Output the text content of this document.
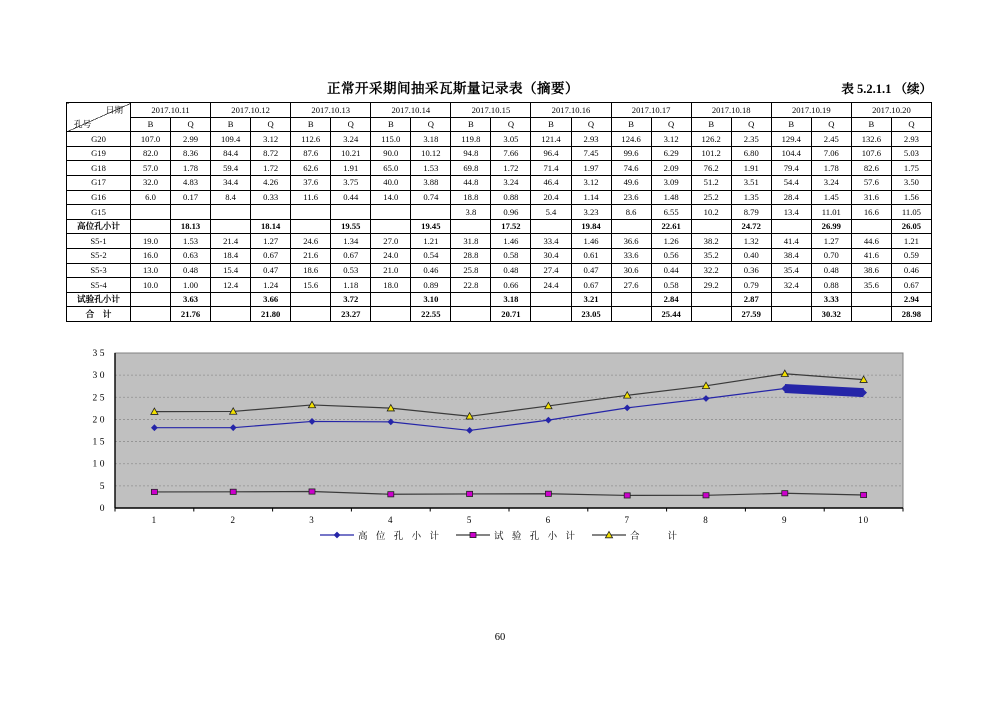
正常开采期间抽采瓦斯量记录表（摘要）	表 5.2.1.1 （续）
日期
孔号	2017.10.11		2017.10.12		2017.10.13		2017.10.14		2017.10.15		2017.10.16		2017.10.17		2017.10.18		2017.10.19		2017.10.20	
	B	Q	B	Q	B	Q	B	Q	B	Q	B	Q	B	Q	B	Q	B	Q	B	Q
G20	107.0	2.99	109.4	3.12	112.6	3.24	115.0	3.18	119.8	3.05	121.4	2.93	124.6	3.12	126.2	2.35	129.4	2.45	132.6	2.93
G19	82.0	8.36	84.4	8.72	87.6	10.21	90.0	10.12	94.8	7.66	96.4	7.45	99.6	6.29	101.2	6.80	104.4	7.06	107.6	5.03
G18	57.0	1.78	59.4	1.72	62.6	1.91	65.0	1.53	69.8	1.72	71.4	1.97	74.6	2.09	76.2	1.91	79.4	1.78	82.6	1.75
G17	32.0	4.83	34.4	4.26	37.6	3.75	40.0	3.88	44.8	3.24	46.4	3.12	49.6	3.09	51.2	3.51	54.4	3.24	57.6	3.50
G16	6.0	0.17	8.4	0.33	11.6	0.44	14.0	0.74	18.8	0.88	20.4	1.14	23.6	1.48	25.2	1.35	28.4	1.45	31.6	1.56
G15									3.8	0.96	5.4	3.23	8.6	6.55	10.2	8.79	13.4	11.01	16.6	11.05
高位孔小计		18.13		18.14		19.55		19.45		17.52		19.84		22.61		24.72		26.99		26.05
S5-1	19.0	1.53	21.4	1.27	24.6	1.34	27.0	1.21	31.8	1.46	33.4	1.46	36.6	1.26	38.2	1.32	41.4	1.27	44.6	1.21
S5-2	16.0	0.63	18.4	0.67	21.6	0.67	24.0	0.54	28.8	0.58	30.4	0.61	33.6	0.56	35.2	0.40	38.4	0.70	41.6	0.59
S5-3	13.0	0.48	15.4	0.47	18.6	0.53	21.0	0.46	25.8	0.48	27.4	0.47	30.6	0.44	32.2	0.36	35.4	0.48	38.6	0.46
S5-4	10.0	1.00	12.4	1.24	15.6	1.18	18.0	0.89	22.8	0.66	24.4	0.67	27.6	0.58	29.2	0.79	32.4	0.88	35.6	0.67
试验孔小计		3.63		3.66		3.72		3.10		3.18		3.21		2.84		2.87		3.33		2.94
合　计		21.76		21.80		23.27		22.55		20.71		23.05		25.44		27.59		30.32		28.98
0
5
10
15
20
25
30
35
1	2	3	4	5	6	7	8	9	10
高 位 孔 小 计	试 验 孔 小 计	合　　计
60
